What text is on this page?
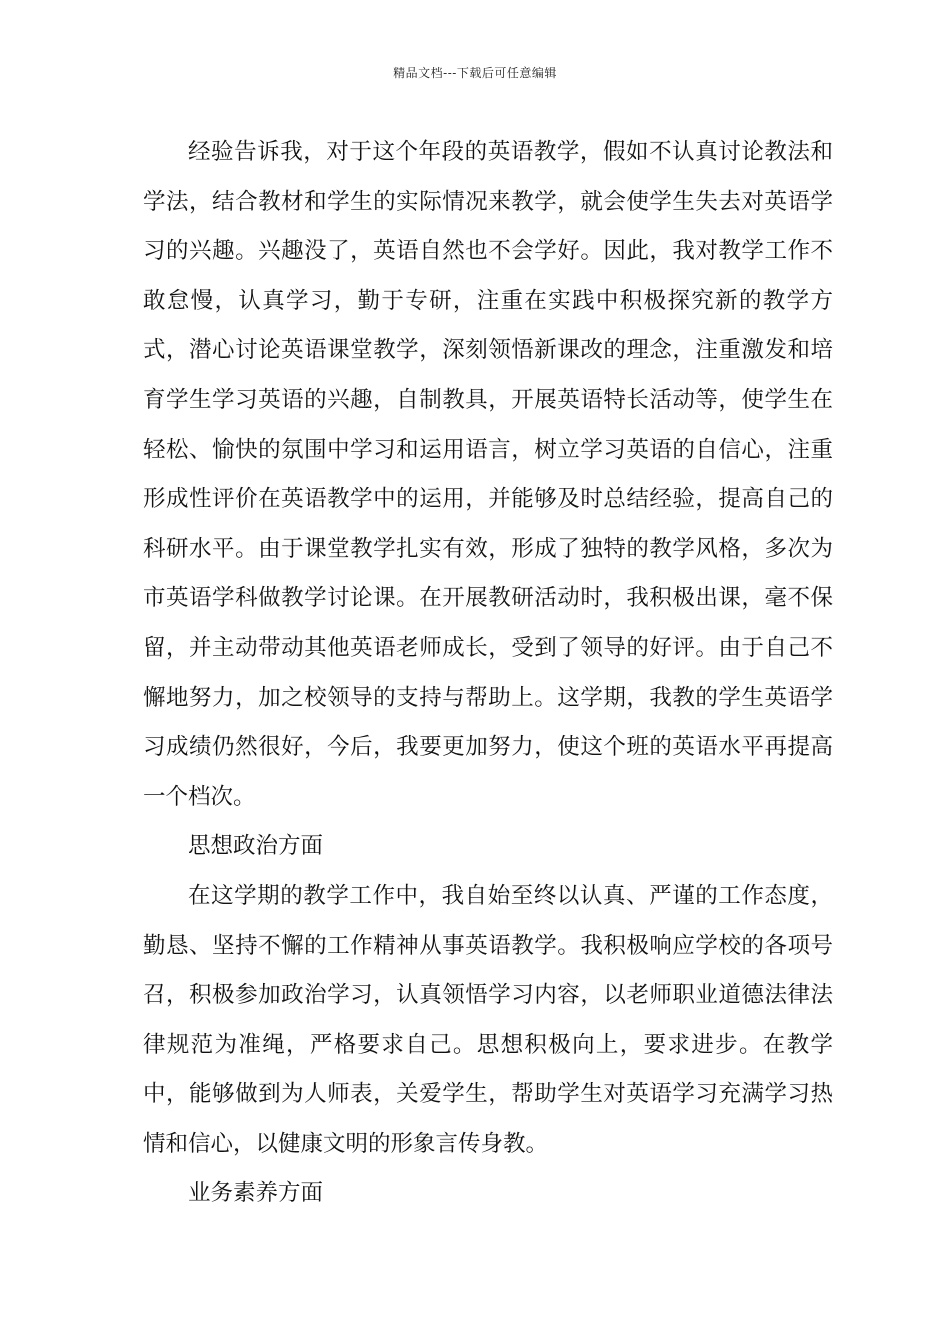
精品文档---下载后可任意编辑

经验告诉我，对于这个年段的英语教学，假如不认真讨论教法和学法，结合教材和学生的实际情况来教学，就会使学生失去对英语学习的兴趣。兴趣没了，英语自然也不会学好。因此，我对教学工作不敢怠慢，认真学习，勤于专研，注重在实践中积极探究新的教学方式，潜心讨论英语课堂教学，深刻领悟新课改的理念，注重激发和培育学生学习英语的兴趣，自制教具，开展英语特长活动等，使学生在轻松、愉快的氛围中学习和运用语言，树立学习英语的自信心，注重形成性评价在英语教学中的运用，并能够及时总结经验，提高自己的科研水平。由于课堂教学扎实有效，形成了独特的教学风格，多次为市英语学科做教学讨论课。在开展教研活动时，我积极出课，毫不保留，并主动带动其他英语老师成长，受到了领导的好评。由于自己不懈地努力，加之校领导的支持与帮助上。这学期，我教的学生英语学习成绩仍然很好，今后，我要更加努力，使这个班的英语水平再提高一个档次。

思想政治方面

在这学期的教学工作中，我自始至终以认真、严谨的工作态度，勤恳、坚持不懈的工作精神从事英语教学。我积极响应学校的各项号召，积极参加政治学习，认真领悟学习内容，以老师职业道德法律法律规范为准绳，严格要求自己。思想积极向上，要求进步。在教学中，能够做到为人师表，关爱学生，帮助学生对英语学习充满学习热情和信心，以健康文明的形象言传身教。

业务素养方面
